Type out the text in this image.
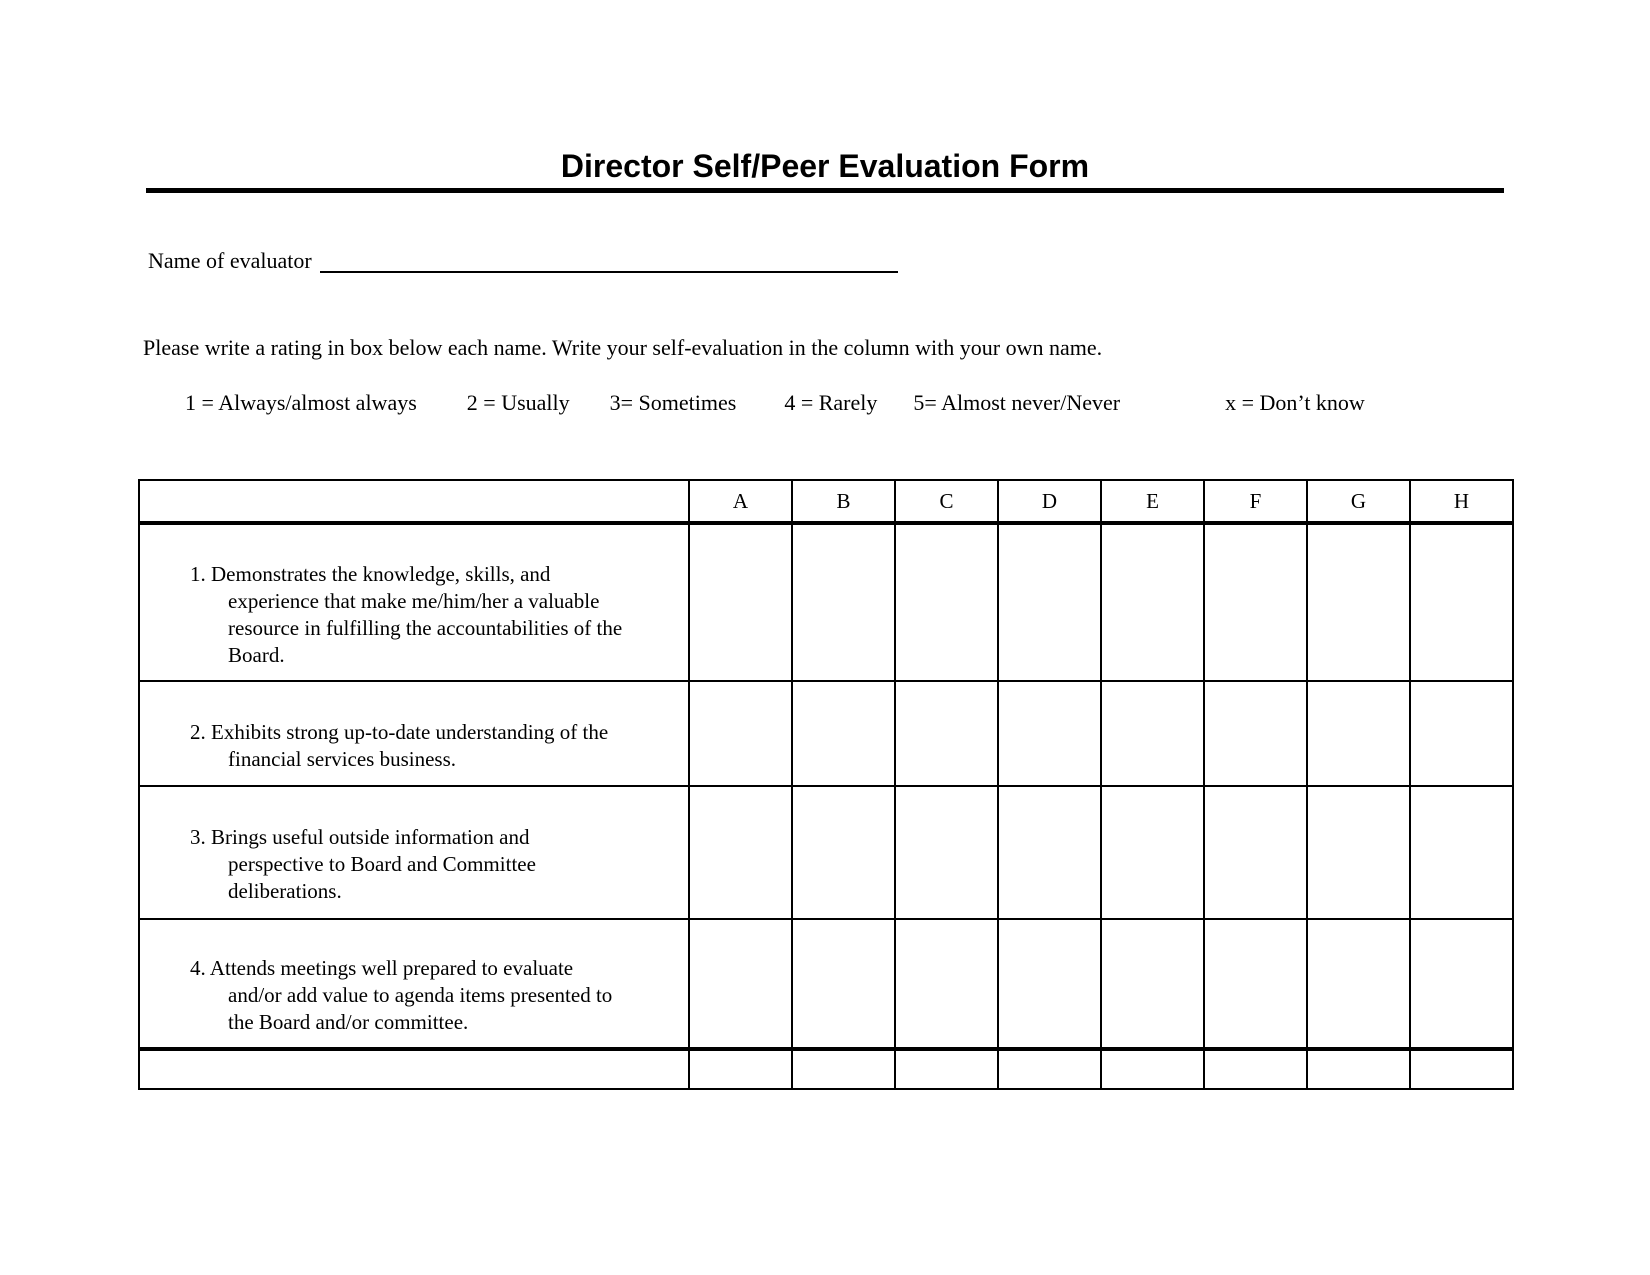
Director Self/Peer Evaluation Form
Name of evaluator

Please write a rating in box below each name. Write your self-evaluation in the column with your own name.

1 = Always/almost always 2 = Usually 3= Sometimes 4 = Rarely 5= Almost never/Never	x = Don’t know
	A	B	C	D	E	F	G	H

1. Demonstrates the knowledge, skills, and
experience that make me/him/her a valuable
resource in fulfilling the accountabilities of the
Board.								

2. Exhibits strong up-to-date understanding of the
financial services business.								

3. Brings useful outside information and
perspective to Board and Committee
deliberations.								

4. Attends meetings well prepared to evaluate
and/or add value to agenda items presented to
the Board and/or committee.								
